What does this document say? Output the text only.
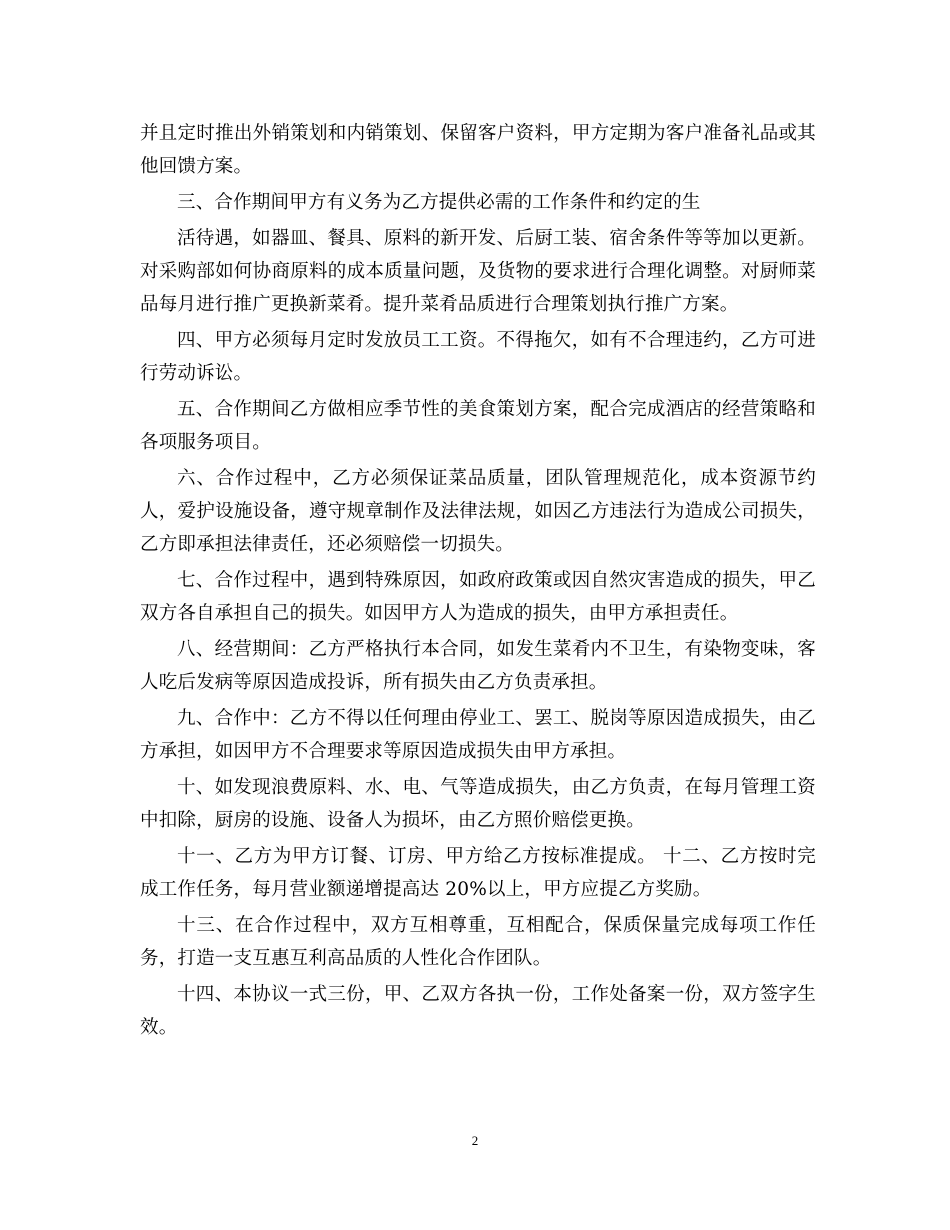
并且定时推出外销策划和内销策划、保留客户资料，甲方定期为客户准备礼品或其他回馈方案。

三、合作期间甲方有义务为乙方提供必需的工作条件和约定的生

活待遇，如器皿、餐具、原料的新开发、后厨工装、宿舍条件等等加以更新。对采购部如何协商原料的成本质量问题，及货物的要求进行合理化调整。对厨师菜品每月进行推广更换新菜肴。提升菜肴品质进行合理策划执行推广方案。

四、甲方必须每月定时发放员工工资。不得拖欠，如有不合理违约，乙方可进行劳动诉讼。

五、合作期间乙方做相应季节性的美食策划方案，配合完成酒店的经营策略和各项服务项目。

六、合作过程中，乙方必须保证菜品质量，团队管理规范化，成本资源节约人，爱护设施设备，遵守规章制作及法律法规，如因乙方违法行为造成公司损失，乙方即承担法律责任，还必须赔偿一切损失。

七、合作过程中，遇到特殊原因，如政府政策或因自然灾害造成的损失，甲乙双方各自承担自己的损失。如因甲方人为造成的损失，由甲方承担责任。

八、经营期间：乙方严格执行本合同，如发生菜肴内不卫生，有染物变味，客人吃后发病等原因造成投诉，所有损失由乙方负责承担。

九、合作中：乙方不得以任何理由停业工、罢工、脱岗等原因造成损失，由乙方承担，如因甲方不合理要求等原因造成损失由甲方承担。

十、如发现浪费原料、水、电、气等造成损失，由乙方负责，在每月管理工资中扣除，厨房的设施、设备人为损坏，由乙方照价赔偿更换。

十一、乙方为甲方订餐、订房、甲方给乙方按标准提成。 十二、乙方按时完成工作任务，每月营业额递增提高达 20%以上，甲方应提乙方奖励。

十三、在合作过程中，双方互相尊重，互相配合，保质保量完成每项工作任务，打造一支互惠互利高品质的人性化合作团队。

十四、本协议一式三份，甲、乙双方各执一份，工作处备案一份，双方签字生效。

2
